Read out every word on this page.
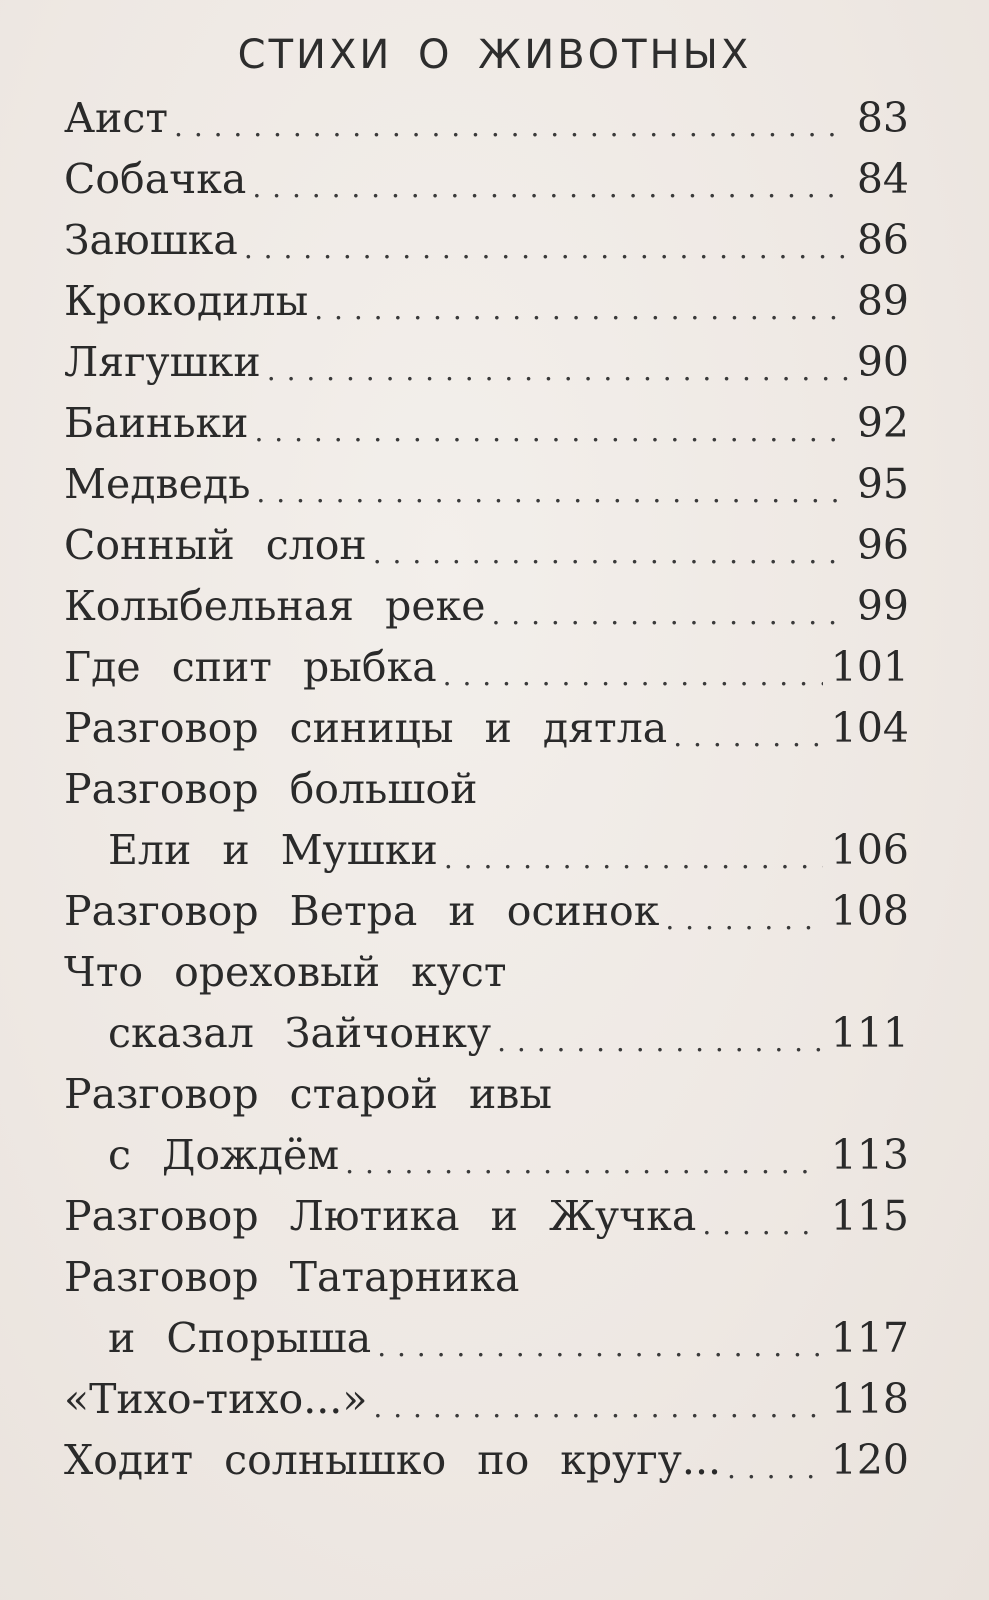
СТИХИ О ЖИВОТНЫХ
Аист . . .	83
Собачка . . .	84
Заюшка . . .	86
Крокодилы . . .	89
Лягушки . . .	90
Баиньки . . .	92
Медведь . . .	95
Сонный слон . . .	96
Колыбельная реке . . .	99
Где спит рыбка . . .	101
Разговор синицы и дятла . . .	104
Разговор большой
Ели и Мушки . . .	106
Разговор Ветра и осинок . . .	108
Что ореховый куст
сказал Зайчонку . . .	111
Разговор старой ивы
с Дождём . . .	113
Разговор Лютика и Жучка . . .	115
Разговор Татарника
и Спорыша . . .	117
«Тихо-тихо...» . . .	118
Ходит солнышко по кругу... . . .	120
